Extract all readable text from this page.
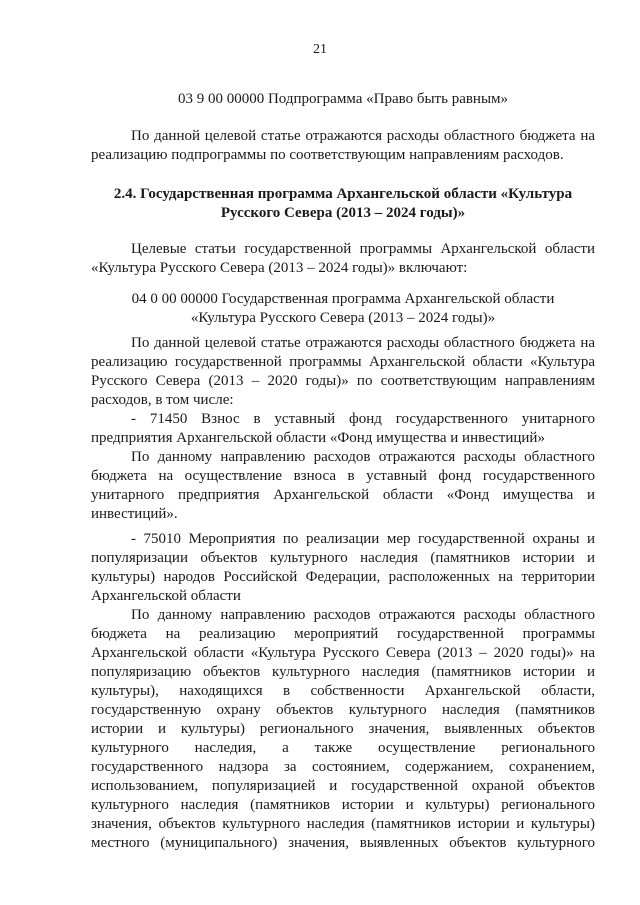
21
03 9 00 00000 Подпрограмма «Право быть равным»
По данной целевой статье отражаются расходы областного бюджета на
реализацию подпрограммы по соответствующим направлениям расходов.
2.4. Государственная программа Архангельской области «Культура
Русского Севера (2013 – 2024 годы)»
Целевые статьи государственной программы Архангельской области
«Культура Русского Севера (2013 – 2024 годы)» включают:
04 0 00 00000 Государственная программа Архангельской области
«Культура Русского Севера (2013 – 2024 годы)»
По данной целевой статье отражаются расходы областного бюджета на
реализацию государственной программы Архангельской области «Культура
Русского Севера (2013 – 2020 годы)» по соответствующим направлениям
расходов, в том числе:
- 71450 Взнос в уставный фонд государственного унитарного
предприятия Архангельской области «Фонд имущества и инвестиций»
По данному направлению расходов отражаются расходы областного
бюджета на осуществление взноса в уставный фонд государственного
унитарного предприятия Архангельской области «Фонд имущества и
инвестиций».
- 75010 Мероприятия по реализации мер государственной охраны и
популяризации объектов культурного наследия (памятников истории и
культуры) народов Российской Федерации, расположенных на территории
Архангельской области
По данному направлению расходов отражаются расходы областного
бюджета на реализацию мероприятий государственной программы
Архангельской области «Культура Русского Севера (2013 – 2020 годы)» на
популяризацию объектов культурного наследия (памятников истории и
культуры), находящихся в собственности Архангельской области,
государственную охрану объектов культурного наследия (памятников
истории и культуры) регионального значения, выявленных объектов
культурного наследия, а также осуществление регионального
государственного надзора за состоянием, содержанием, сохранением,
использованием, популяризацией и государственной охраной объектов
культурного наследия (памятников истории и культуры) регионального
значения, объектов культурного наследия (памятников истории и культуры)
местного (муниципального) значения, выявленных объектов культурного
